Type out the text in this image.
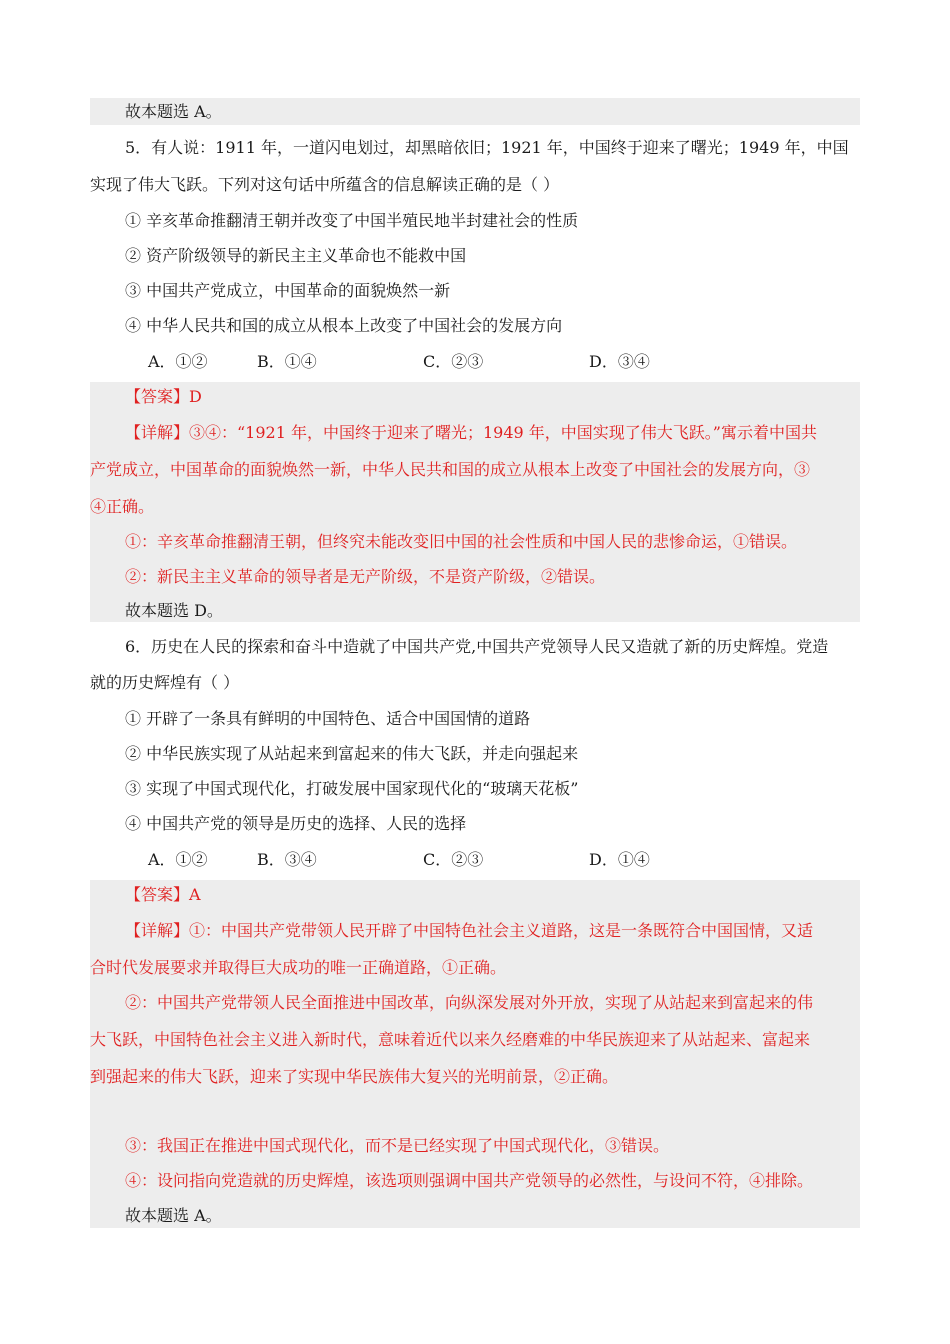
故本题选 A。
5．有人说：1911 年，一道闪电划过，却黑暗依旧；1921 年，中国终于迎来了曙光；1949 年，中国
实现了伟大飞跃。下列对这句话中所蕴含的信息解读正确的是（ ）
① 辛亥革命推翻清王朝并改变了中国半殖民地半封建社会的性质
② 资产阶级领导的新民主主义革命也不能救中国
③ 中国共产党成立，中国革命的面貌焕然一新
④ 中华人民共和国的成立从根本上改变了中国社会的发展方向
A．①②	B．①④	C．②③	D．③④
【答案】D
【详解】③④：“1921 年，中国终于迎来了曙光；1949 年，中国实现了伟大飞跃。”寓示着中国共
产党成立，中国革命的面貌焕然一新，中华人民共和国的成立从根本上改变了中国社会的发展方向，③
④正确。
①：辛亥革命推翻清王朝，但终究未能改变旧中国的社会性质和中国人民的悲惨命运，①错误。
②：新民主主义革命的领导者是无产阶级，不是资产阶级，②错误。
故本题选 D。
6．历史在人民的探索和奋斗中造就了中国共产党,中国共产党领导人民又造就了新的历史辉煌。党造
就的历史辉煌有（ ）
① 开辟了一条具有鲜明的中国特色、适合中国国情的道路
② 中华民族实现了从站起来到富起来的伟大飞跃，并走向强起来
③ 实现了中国式现代化，打破发展中国家现代化的“玻璃天花板”
④ 中国共产党的领导是历史的选择、人民的选择
A．①②	B．③④	C．②③	D．①④
【答案】A
【详解】①：中国共产党带领人民开辟了中国特色社会主义道路，这是一条既符合中国国情，又适
合时代发展要求并取得巨大成功的唯一正确道路，①正确。
②：中国共产党带领人民全面推进中国改革，向纵深发展对外开放，实现了从站起来到富起来的伟
大飞跃，中国特色社会主义进入新时代，意味着近代以来久经磨难的中华民族迎来了从站起来、富起来
到强起来的伟大飞跃，迎来了实现中华民族伟大复兴的光明前景，②正确。
③：我国正在推进中国式现代化，而不是已经实现了中国式现代化，③错误。
④：设问指向党造就的历史辉煌，该选项则强调中国共产党领导的必然性，与设问不符，④排除。
故本题选 A。
